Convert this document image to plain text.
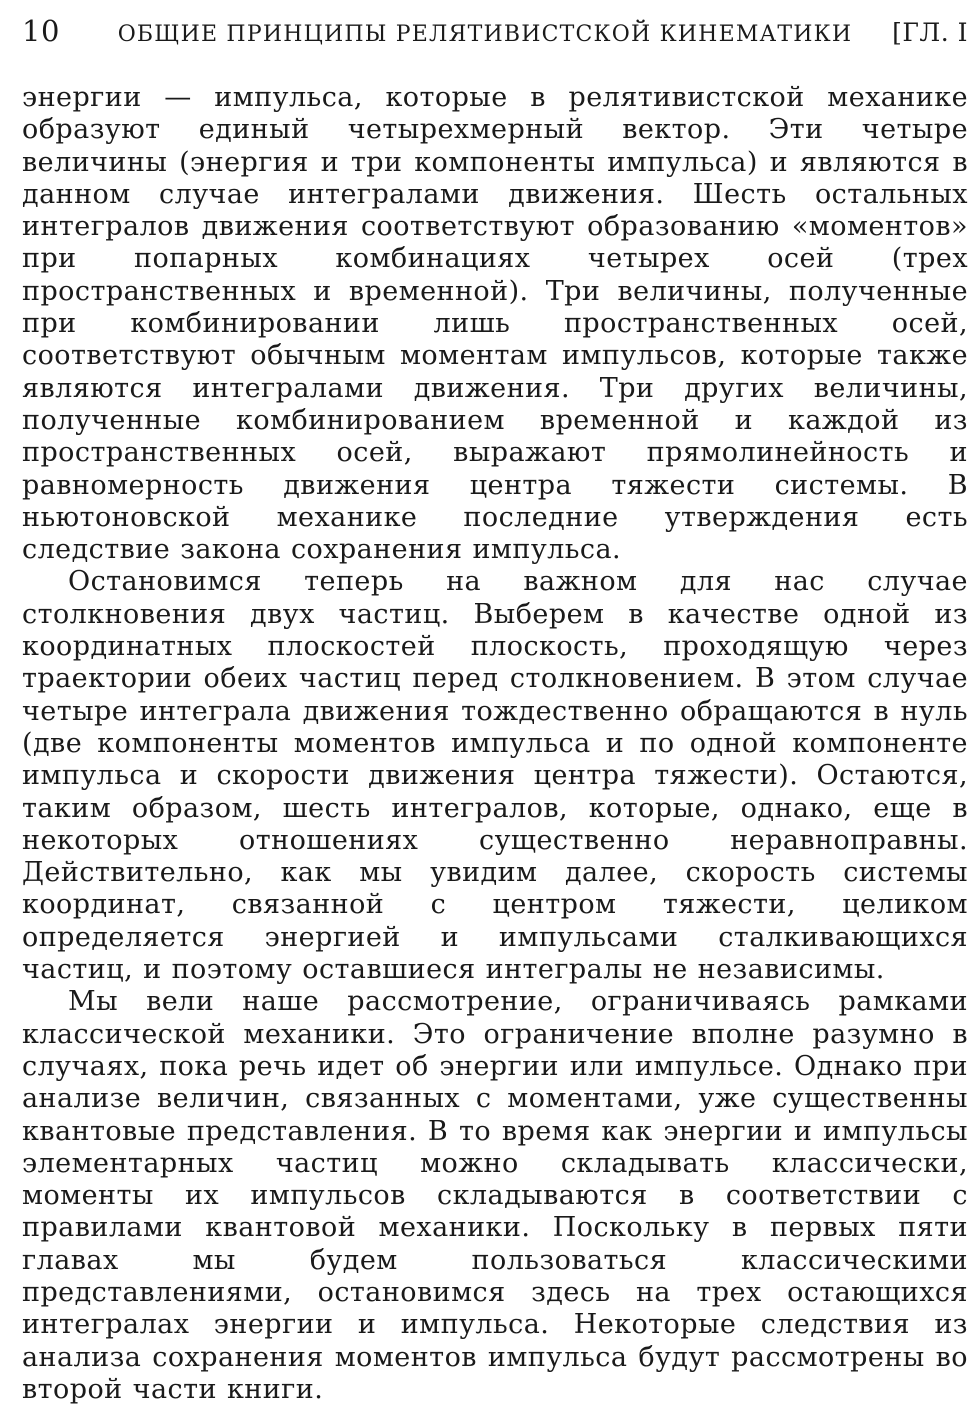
10	ОБЩИЕ ПРИНЦИПЫ РЕЛЯТИВИСТСКОЙ КИНЕМАТИКИ	[ГЛ. I

энергии — импульса, которые в релятивистской механике образуют единый четырехмерный вектор. Эти четыре величины (энергия и три компоненты импульса) и являются в данном случае интегралами движения. Шесть остальных интегралов движения соответствуют образованию «моментов» при попарных комбинациях четырех осей (трех пространственных и временной). Три величины, полученные при комбинировании лишь пространственных осей, соответствуют обычным моментам импульсов, которые также являются интегралами движения. Три других величины, полученные комбинированием временной и каждой из пространственных осей, выражают прямолинейность и равномерность движения центра тяжести системы. В ньютоновской механике последние утверждения есть следствие закона сохранения импульса.

Остановимся теперь на важном для нас случае столкновения двух частиц. Выберем в качестве одной из координатных плоскостей плоскость, проходящую через траектории обеих частиц перед столкновением. В этом случае четыре интеграла движения тождественно обращаются в нуль (две компоненты моментов импульса и по одной компоненте импульса и скорости движения центра тяжести). Остаются, таким образом, шесть интегралов, которые, однако, еще в некоторых отношениях существенно неравноправны. Действительно, как мы увидим далее, скорость системы координат, связанной с центром тяжести, целиком определяется энергией и импульсами сталкивающихся частиц, и поэтому оставшиеся интегралы не независимы.

Мы вели наше рассмотрение, ограничиваясь рамками классической механики. Это ограничение вполне разумно в случаях, пока речь идет об энергии или импульсе. Однако при анализе величин, связанных с моментами, уже существенны квантовые представления. В то время как энергии и импульсы элементарных частиц можно складывать классически, моменты их импульсов складываются в соответствии с правилами квантовой механики. Поскольку в первых пяти главах мы будем пользоваться классическими представлениями, остановимся здесь на трех остающихся интегралах энергии и импульса. Некоторые следствия из анализа сохранения моментов импульса будут рассмотрены во второй части книги.
